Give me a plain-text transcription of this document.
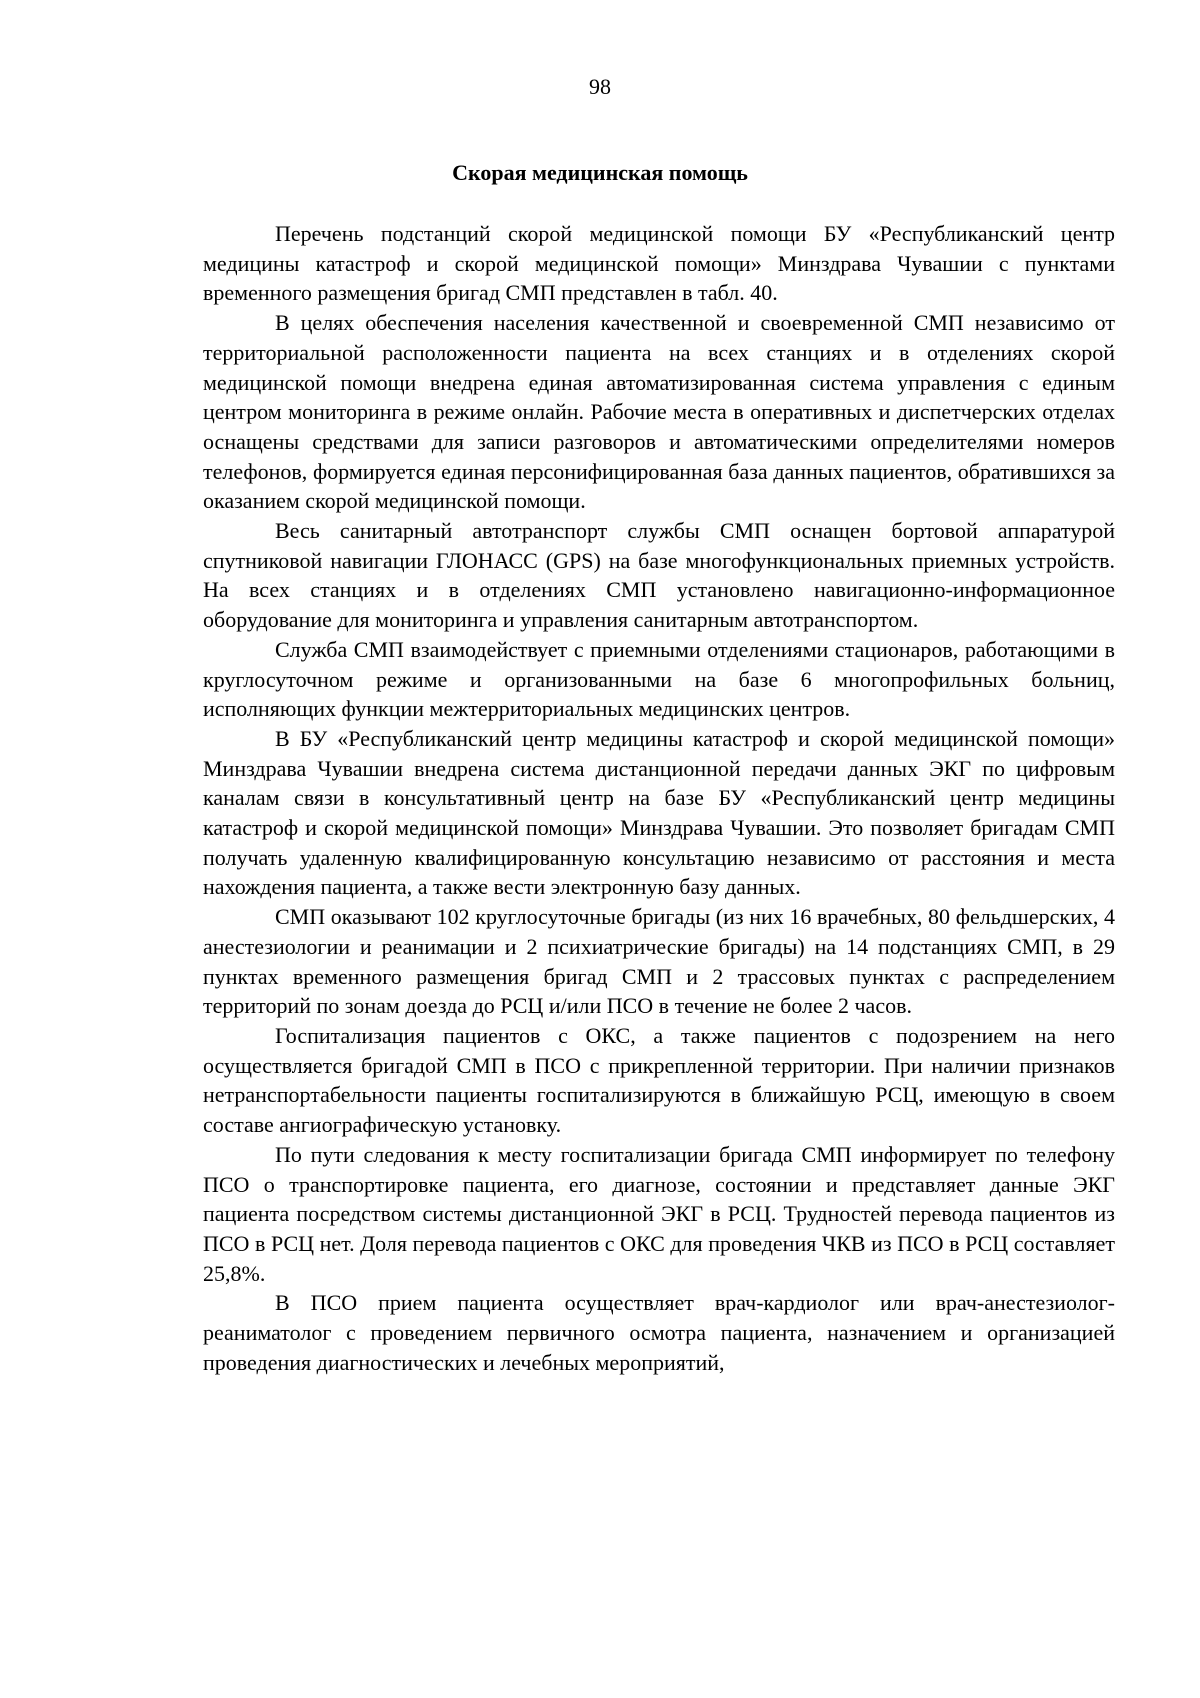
98
Скорая медицинская помощь

Перечень подстанций скорой медицинской помощи БУ «Республиканский центр медицины катастроф и скорой медицинской помощи» Минздрава Чувашии с пунктами временного размещения бригад СМП представлен в табл. 40.

В целях обеспечения населения качественной и своевременной СМП независимо от территориальной расположенности пациента на всех станциях и в отделениях скорой медицинской помощи внедрена единая автоматизированная система управления с единым центром мониторинга в режиме онлайн. Рабочие места в оперативных и диспетчерских отделах оснащены средствами для записи разговоров и автоматическими определителями номеров телефонов, формируется единая персонифицированная база данных пациентов, обратившихся за оказанием скорой медицинской помощи.

Весь санитарный автотранспорт службы СМП оснащен бортовой аппаратурой спутниковой навигации ГЛОНАСС (GPS) на базе многофункциональных приемных устройств. На всех станциях и в отделениях СМП установлено навигационно-информационное оборудование для мониторинга и управления санитарным автотранспортом.

Служба СМП взаимодействует с приемными отделениями стационаров, работающими в круглосуточном режиме и организованными на базе 6 многопрофильных больниц, исполняющих функции межтерриториальных медицинских центров.

В БУ «Республиканский центр медицины катастроф и скорой медицинской помощи» Минздрава Чувашии внедрена система дистанционной передачи данных ЭКГ по цифровым каналам связи в консультативный центр на базе БУ «Республиканский центр медицины катастроф и скорой медицинской помощи» Минздрава Чувашии. Это позволяет бригадам СМП получать удаленную квалифицированную консультацию независимо от расстояния и места нахождения пациента, а также вести электронную базу данных.

СМП оказывают 102 круглосуточные бригады (из них 16 врачебных, 80 фельдшерских, 4 анестезиологии и реанимации и 2 психиатрические бригады) на 14 подстанциях СМП, в 29 пунктах временного размещения бригад СМП и 2 трассовых пунктах с распределением территорий по зонам доезда до РСЦ и/или ПСО в течение не более 2 часов.

Госпитализация пациентов с ОКС, а также пациентов с подозрением на него осуществляется бригадой СМП в ПСО с прикрепленной территории. При наличии признаков нетранспортабельности пациенты госпитализируются в ближайшую РСЦ, имеющую в своем составе ангиографическую установку.

По пути следования к месту госпитализации бригада СМП информирует по телефону ПСО о транспортировке пациента, его диагнозе, состоянии и представляет данные ЭКГ пациента посредством системы дистанционной ЭКГ в РСЦ. Трудностей перевода пациентов из ПСО в РСЦ нет. Доля перевода пациентов с ОКС для проведения ЧКВ из ПСО в РСЦ составляет 25,8%.

В ПСО прием пациента осуществляет врач-кардиолог или врач-анестезиолог-реаниматолог с проведением первичного осмотра пациента, назначением и организацией проведения диагностических и лечебных мероприятий,
